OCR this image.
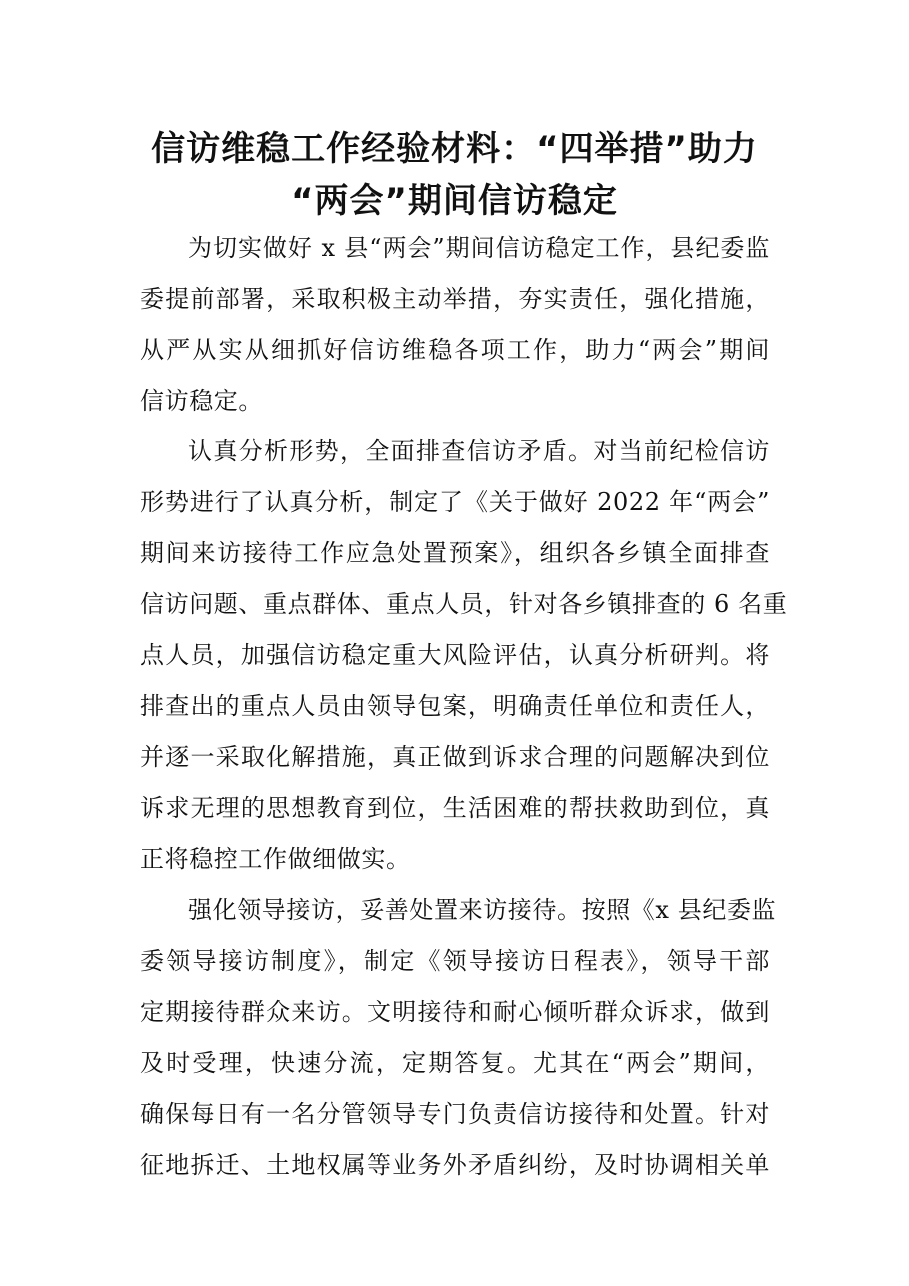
信访维稳工作经验材料：“四举措”助力
“两会”期间信访稳定
为切实做好 x 县“两会”期间信访稳定工作，县纪委监
委提前部署，采取积极主动举措，夯实责任，强化措施，
从严从实从细抓好信访维稳各项工作，助力“两会”期间
信访稳定。
认真分析形势，全面排查信访矛盾。对当前纪检信访
形势进行了认真分析，制定了《关于做好 2022 年“两会”
期间来访接待工作应急处置预案》，组织各乡镇全面排查
信访问题、重点群体、重点人员，针对各乡镇排查的 6 名重
点人员，加强信访稳定重大风险评估，认真分析研判。将
排查出的重点人员由领导包案，明确责任单位和责任人，
并逐一采取化解措施，真正做到诉求合理的问题解决到位
诉求无理的思想教育到位，生活困难的帮扶救助到位，真
正将稳控工作做细做实。
强化领导接访，妥善处置来访接待。按照《x 县纪委监
委领导接访制度》，制定《领导接访日程表》，领导干部
定期接待群众来访。文明接待和耐心倾听群众诉求，做到
及时受理，快速分流，定期答复。尤其在“两会”期间，
确保每日有一名分管领导专门负责信访接待和处置。针对
征地拆迁、土地权属等业务外矛盾纠纷，及时协调相关单
